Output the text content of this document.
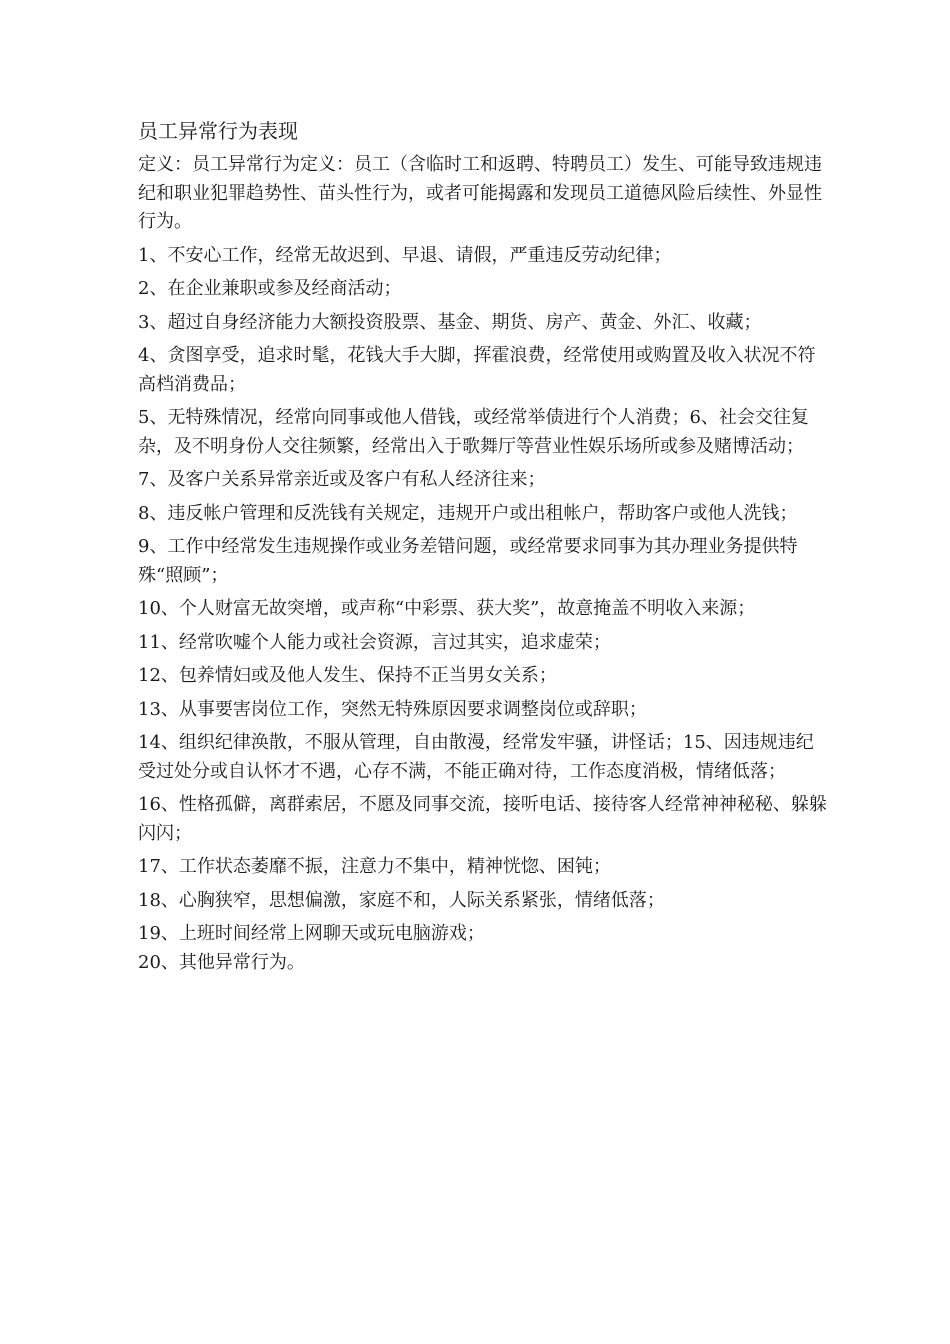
员工异常行为表现

定义：员工异常行为定义：员工（含临时工和返聘、特聘员工）发生、可能导致违规违纪和职业犯罪趋势性、苗头性行为，或者可能揭露和发现员工道德风险后续性、外显性行为。

1、不安心工作，经常无故迟到、早退、请假，严重违反劳动纪律；

2、在企业兼职或参及经商活动；

3、超过自身经济能力大额投资股票、基金、期货、房产、黄金、外汇、收藏；

4、贪图享受，追求时髦，花钱大手大脚，挥霍浪费，经常使用或购置及收入状况不符高档消费品；

5、无特殊情况，经常向同事或他人借钱，或经常举债进行个人消费；6、社会交往复杂，及不明身份人交往频繁，经常出入于歌舞厅等营业性娱乐场所或参及赌博活动；

7、及客户关系异常亲近或及客户有私人经济往来；

8、违反帐户管理和反洗钱有关规定，违规开户或出租帐户，帮助客户或他人洗钱；

9、工作中经常发生违规操作或业务差错问题，或经常要求同事为其办理业务提供特殊“照顾”；

10、个人财富无故突增，或声称“中彩票、获大奖”，故意掩盖不明收入来源；

11、经常吹嘘个人能力或社会资源，言过其实，追求虚荣；

12、包养情妇或及他人发生、保持不正当男女关系；

13、从事要害岗位工作，突然无特殊原因要求调整岗位或辞职；

14、组织纪律涣散，不服从管理，自由散漫，经常发牢骚，讲怪话；15、因违规违纪受过处分或自认怀才不遇，心存不满，不能正确对待，工作态度消极，情绪低落；

16、性格孤僻，离群索居，不愿及同事交流，接听电话、接待客人经常神神秘秘、躲躲闪闪；

17、工作状态萎靡不振，注意力不集中，精神恍惚、困钝；

18、心胸狭窄，思想偏激，家庭不和，人际关系紧张，情绪低落；

19、上班时间经常上网聊天或玩电脑游戏；

20、其他异常行为。
